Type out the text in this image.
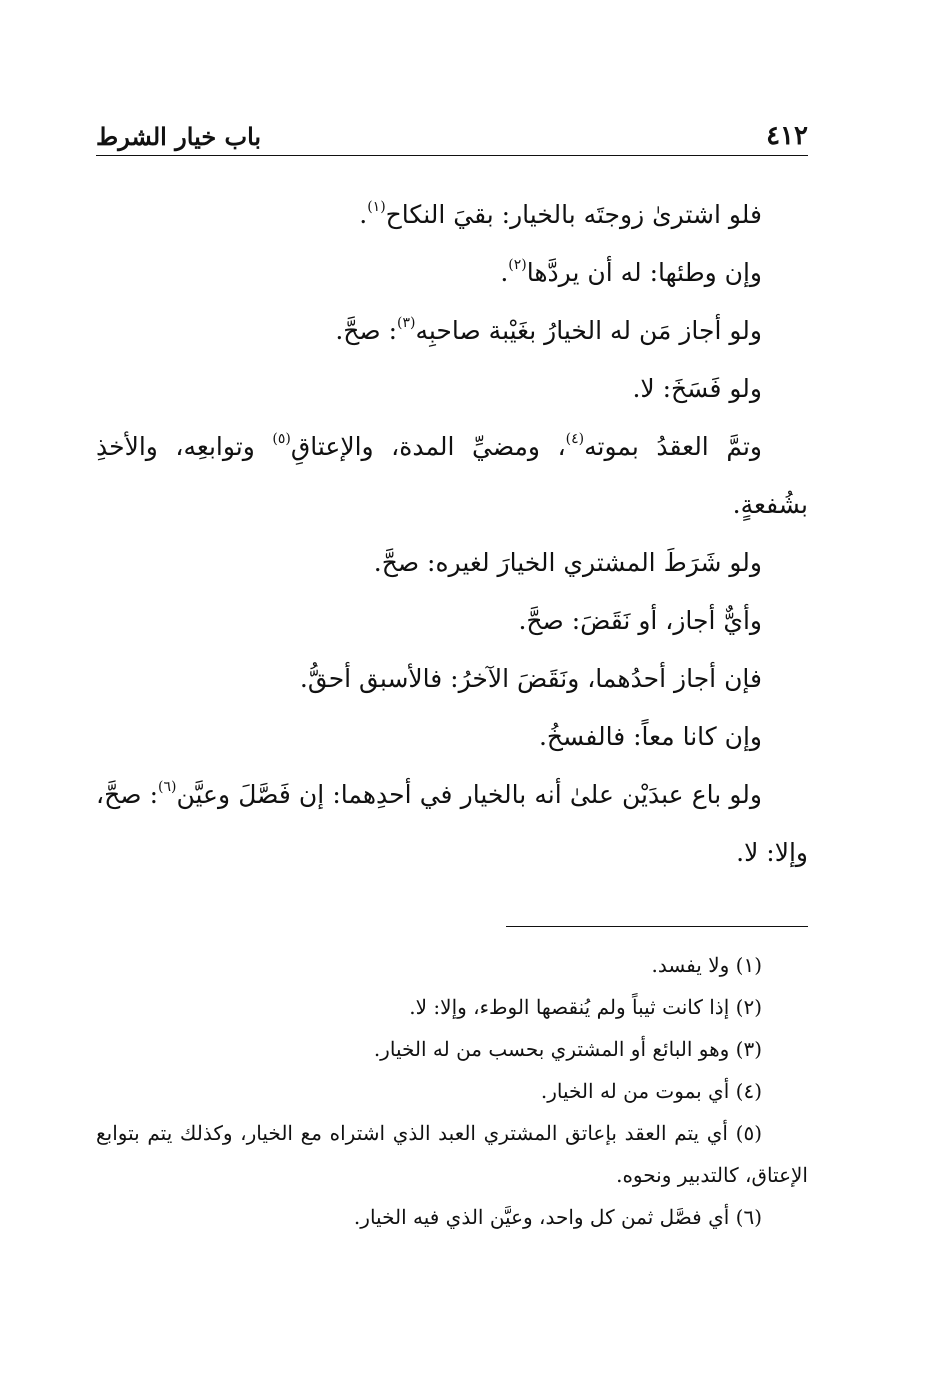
٤١٢
باب خيار الشرط

فلو اشترىٰ زوجتَه بالخيار: بقيَ النكاح$^{(١)}$.

وإن وطئها: له أن يردَّها$^{(٢)}$.

ولو أجاز مَن له الخيارُ بغَيْبة صاحبِه$^{(٣)}$: صحَّ.

ولو فَسَخَ: لا.

وتمَّ العقدُ بموته$^{(٤)}$، ومضيِّ المدة، والإعتاقِ$^{(٥)}$ وتوابعِه، والأخذِ بشُفعةٍ.

ولو شَرَطَ المشتري الخيارَ لغيره: صحَّ.

وأيٌّ أجاز، أو نَقَضَ: صحَّ.

فإن أجاز أحدُهما، ونَقَضَ الآخرُ: فالأسبق أحقُّ.

وإن كانا معاً: فالفسخُ.

ولو باع عبدَيْن علىٰ أنه بالخيار في أحدِهما: إن فَصَّلَ وعيَّن$^{(٦)}$: صحَّ، وإلا: لا.

(١) ولا يفسد.

(٢) إذا كانت ثيباً ولم يُنقصها الوطء، وإلا: لا.

(٣) وهو البائع أو المشتري بحسب من له الخيار.

(٤) أي بموت من له الخيار.

(٥) أي يتم العقد بإعاتق المشتري العبد الذي اشتراه مع الخيار، وكذلك يتم بتوابع الإعتاق، كالتدبير ونحوه.

(٦) أي فصَّل ثمن كل واحد، وعيَّن الذي فيه الخيار.
